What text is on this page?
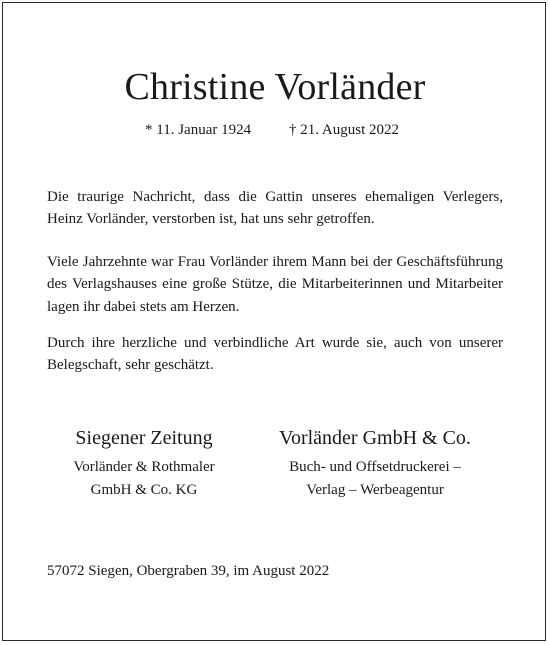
Christine Vorländer
* 11. Januar 1924	† 21. August 2022

Die traurige Nachricht, dass die Gattin unseres ehemaligen Verlegers, Heinz Vorländer, verstorben ist, hat uns sehr getroffen.

Viele Jahrzehnte war Frau Vorländer ihrem Mann bei der Geschäftsführung des Verlagshauses eine große Stütze, die Mitarbeiterinnen und Mitarbeiter lagen ihr dabei stets am Herzen.

Durch ihre herzliche und verbindliche Art wurde sie, auch von unserer Belegschaft, sehr geschätzt.

Siegener Zeitung
Vorländer & Rothmaler
GmbH & Co. KG
Vorländer GmbH & Co.
Buch- und Offsetdruckerei –
Verlag – Werbeagentur
57072 Siegen, Obergraben 39, im August 2022
